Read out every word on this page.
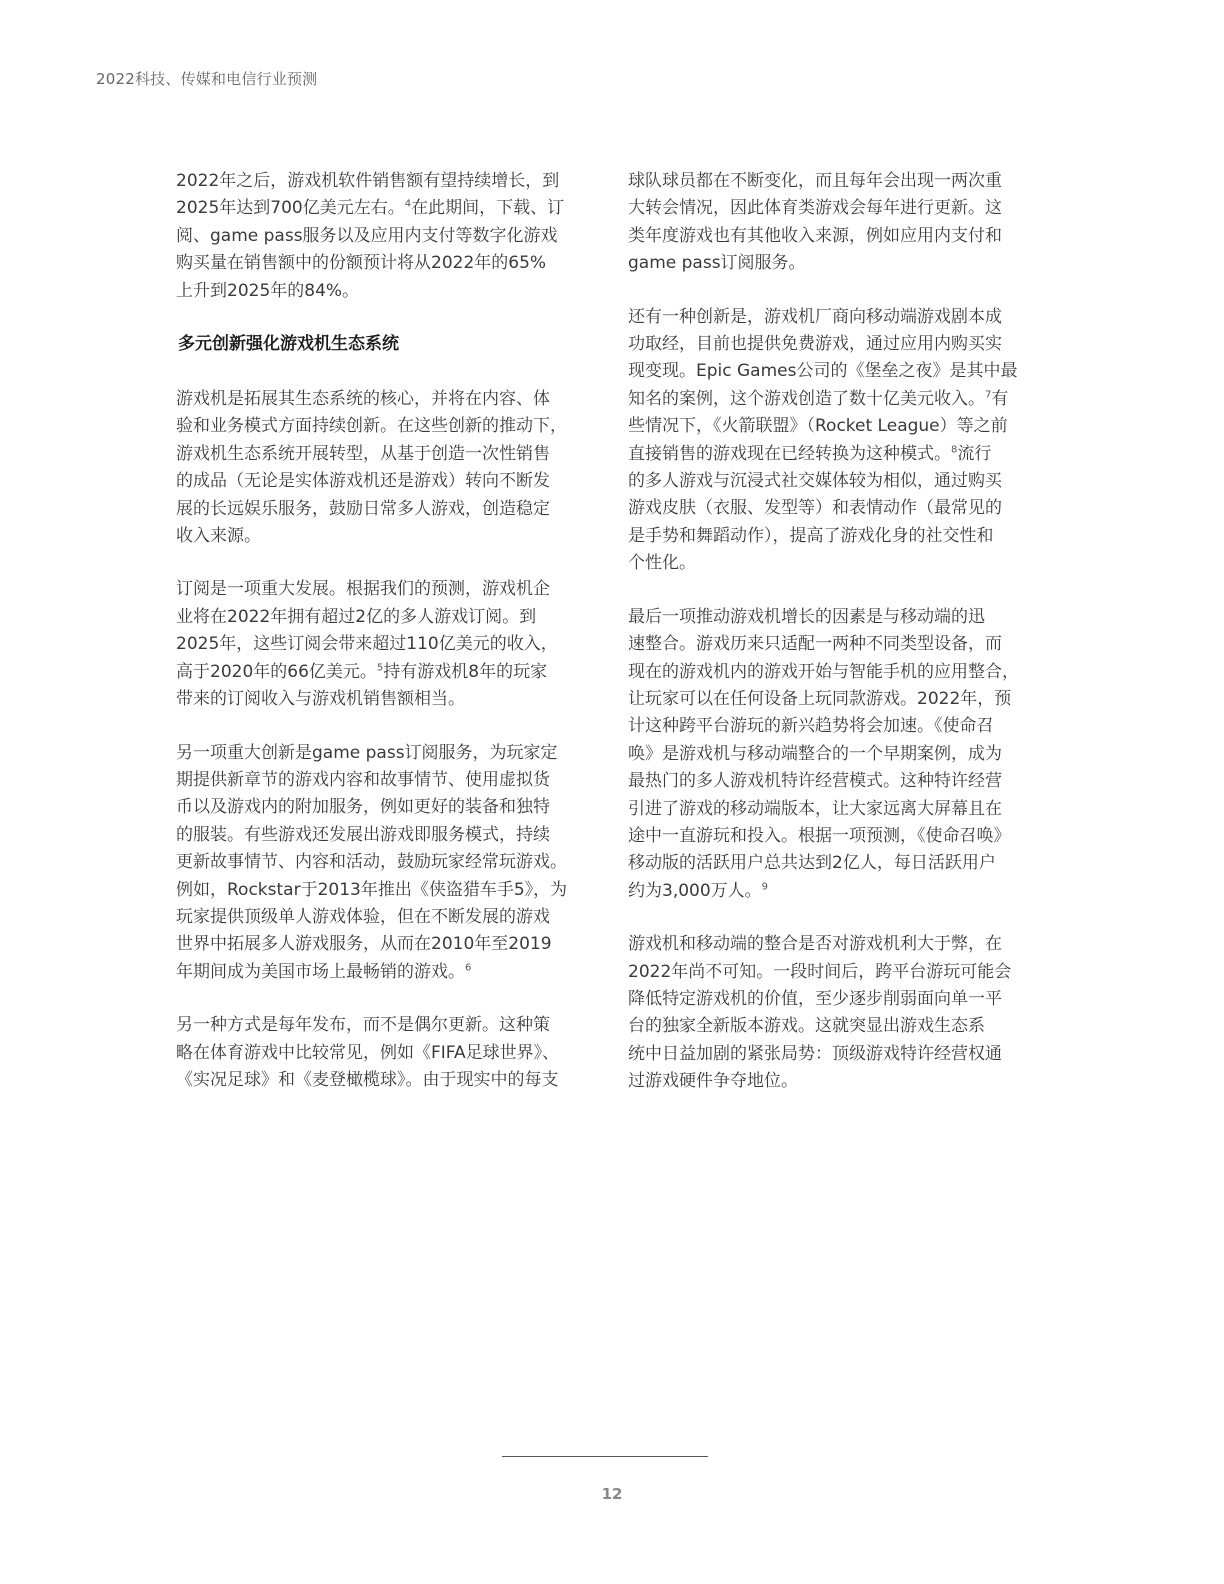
2022科技、传媒和电信行业预测

2022年之后，游戏机软件销售额有望持续增长，到
2025年达到700亿美元左右。$^4$在此期间，下载、订
阅、game pass服务以及应用内支付等数字化游戏
购买量在销售额中的份额预计将从2022年的65%
上升到2025年的84%。

多元创新强化游戏机生态系统

游戏机是拓展其生态系统的核心，并将在内容、体
验和业务模式方面持续创新。在这些创新的推动下，
游戏机生态系统开展转型，从基于创造一次性销售
的成品（无论是实体游戏机还是游戏）转向不断发
展的长远娱乐服务，鼓励日常多人游戏，创造稳定
收入来源。

订阅是一项重大发展。根据我们的预测，游戏机企
业将在2022年拥有超过2亿的多人游戏订阅。到
2025年，这些订阅会带来超过110亿美元的收入，
高于2020年的66亿美元。$^5$持有游戏机8年的玩家
带来的订阅收入与游戏机销售额相当。

另一项重大创新是game pass订阅服务，为玩家定
期提供新章节的游戏内容和故事情节、使用虚拟货
币以及游戏内的附加服务，例如更好的装备和独特
的服装。有些游戏还发展出游戏即服务模式，持续
更新故事情节、内容和活动，鼓励玩家经常玩游戏。
例如，Rockstar于2013年推出《侠盗猎车手5》，为
玩家提供顶级单人游戏体验，但在不断发展的游戏
世界中拓展多人游戏服务，从而在2010年至2019
年期间成为美国市场上最畅销的游戏。$^6$

另一种方式是每年发布，而不是偶尔更新。这种策
略在体育游戏中比较常见，例如《FIFA足球世界》、
《实况足球》和《麦登橄榄球》。由于现实中的每支

球队球员都在不断变化，而且每年会出现一两次重
大转会情况，因此体育类游戏会每年进行更新。这
类年度游戏也有其他收入来源，例如应用内支付和
game pass订阅服务。

还有一种创新是，游戏机厂商向移动端游戏剧本成
功取经，目前也提供免费游戏，通过应用内购买实
现变现。Epic Games公司的《堡垒之夜》是其中最
知名的案例，这个游戏创造了数十亿美元收入。$^7$有
些情况下，《火箭联盟》（Rocket League）等之前
直接销售的游戏现在已经转换为这种模式。$^8$流行
的多人游戏与沉浸式社交媒体较为相似，通过购买
游戏皮肤（衣服、发型等）和表情动作（最常见的
是手势和舞蹈动作），提高了游戏化身的社交性和
个性化。

最后一项推动游戏机增长的因素是与移动端的迅
速整合。游戏历来只适配一两种不同类型设备，而
现在的游戏机内的游戏开始与智能手机的应用整合，
让玩家可以在任何设备上玩同款游戏。2022年，预
计这种跨平台游玩的新兴趋势将会加速。《使命召
唤》是游戏机与移动端整合的一个早期案例，成为
最热门的多人游戏机特许经营模式。这种特许经营
引进了游戏的移动端版本，让大家远离大屏幕且在
途中一直游玩和投入。根据一项预测，《使命召唤》
移动版的活跃用户总共达到2亿人，每日活跃用户
约为3,000万人。$^9$

游戏机和移动端的整合是否对游戏机利大于弊，在
2022年尚不可知。一段时间后，跨平台游玩可能会
降低特定游戏机的价值，至少逐步削弱面向单一平
台的独家全新版本游戏。这就突显出游戏生态系
统中日益加剧的紧张局势：顶级游戏特许经营权通
过游戏硬件争夺地位。

12
